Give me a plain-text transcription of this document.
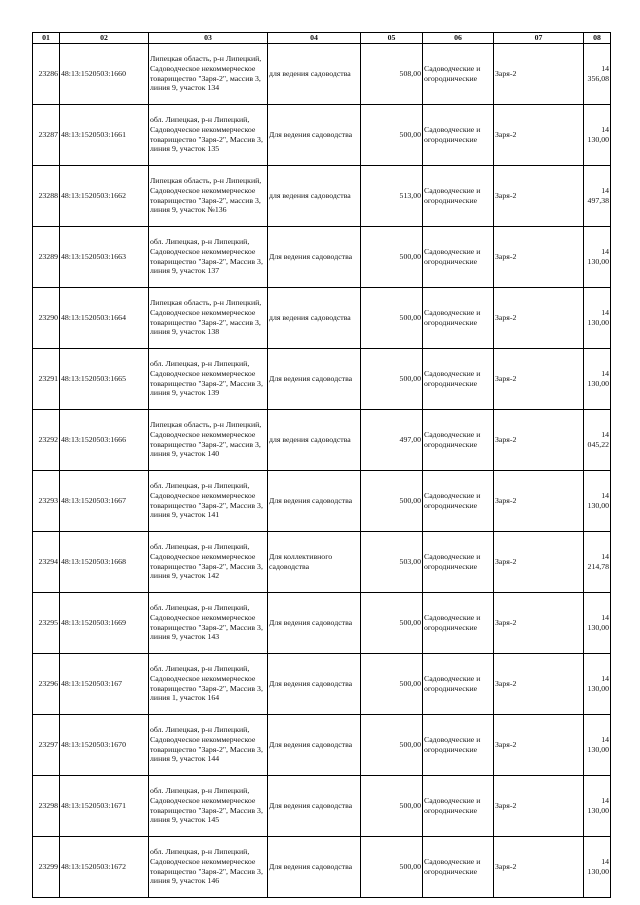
01	02	03	04	05	06	07	08
23286	48:13:1520503:1660	Липецкая область, р-н Липецкий, Садоводческое некоммерческое товарищество "Заря-2", массив 3, линия 9, участок 134	для ведения садоводства	508,00	Садоводческие и огороднические	Заря-2	14 356,08
23287	48:13:1520503:1661	обл. Липецкая, р-н Липецкий, Садоводческое некоммерческое товарищество "Заря-2", Массив 3, линия 9, участок 135	Для ведения садоводства	500,00	Садоводческие и огороднические	Заря-2	14 130,00
23288	48:13:1520503:1662	Липецкая область, р-н Липецкий, Садоводческое некоммерческое товарищество "Заря-2", массив 3, линия 9, участок №136	для ведения садоводства	513,00	Садоводческие и огороднические	Заря-2	14 497,38
23289	48:13:1520503:1663	обл. Липецкая, р-н Липецкий, Садоводческое некоммерческое товарищество "Заря-2", Массив 3, линия 9, участок 137	Для ведения садоводства	500,00	Садоводческие и огороднические	Заря-2	14 130,00
23290	48:13:1520503:1664	Липецкая область, р-н Липецкий, Садоводческое некоммерческое товарищество "Заря-2", массив 3, линия 9, участок 138	для ведения садоводства	500,00	Садоводческие и огороднические	Заря-2	14 130,00
23291	48:13:1520503:1665	обл. Липецкая, р-н Липецкий, Садоводческое некоммерческое товарищество "Заря-2", Массив 3, линия 9, участок 139	Для ведения садоводства	500,00	Садоводческие и огороднические	Заря-2	14 130,00
23292	48:13:1520503:1666	Липецкая область, р-н Липецкий, Садоводческое некоммерческое товарищество "Заря-2", массив 3, линия 9, участок 140	для ведения садоводства	497,00	Садоводческие и огороднические	Заря-2	14 045,22
23293	48:13:1520503:1667	обл. Липецкая, р-н Липецкий, Садоводческое некоммерческое товарищество "Заря-2", Массив 3, линия 9, участок 141	Для ведения садоводства	500,00	Садоводческие и огороднические	Заря-2	14 130,00
23294	48:13:1520503:1668	обл. Липецкая, р-н Липецкий, Садоводческое некоммерческое товарищество "Заря-2", Массив 3, линия 9, участок 142	Для коллективного садоводства	503,00	Садоводческие и огороднические	Заря-2	14 214,78
23295	48:13:1520503:1669	обл. Липецкая, р-н Липецкий, Садоводческое некоммерческое товарищество "Заря-2", Массив 3, линия 9, участок 143	Для ведения садоводства	500,00	Садоводческие и огороднические	Заря-2	14 130,00
23296	48:13:1520503:167	обл. Липецкая, р-н Липецкий, Садоводческое некоммерческое товарищество "Заря-2", Массив 3, линия 1, участок 164	Для ведения садоводства	500,00	Садоводческие и огороднические	Заря-2	14 130,00
23297	48:13:1520503:1670	обл. Липецкая, р-н Липецкий, Садоводческое некоммерческое товарищество "Заря-2", Массив 3, линия 9, участок 144	Для ведения садоводства	500,00	Садоводческие и огороднические	Заря-2	14 130,00
23298	48:13:1520503:1671	обл. Липецкая, р-н Липецкий, Садоводческое некоммерческое товарищество "Заря-2", Массив 3, линия 9, участок 145	Для ведения садоводства	500,00	Садоводческие и огороднические	Заря-2	14 130,00
23299	48:13:1520503:1672	обл. Липецкая, р-н Липецкий, Садоводческое некоммерческое товарищество "Заря-2", Массив 3, линия 9, участок 146	Для ведения садоводства	500,00	Садоводческие и огороднические	Заря-2	14 130,00
